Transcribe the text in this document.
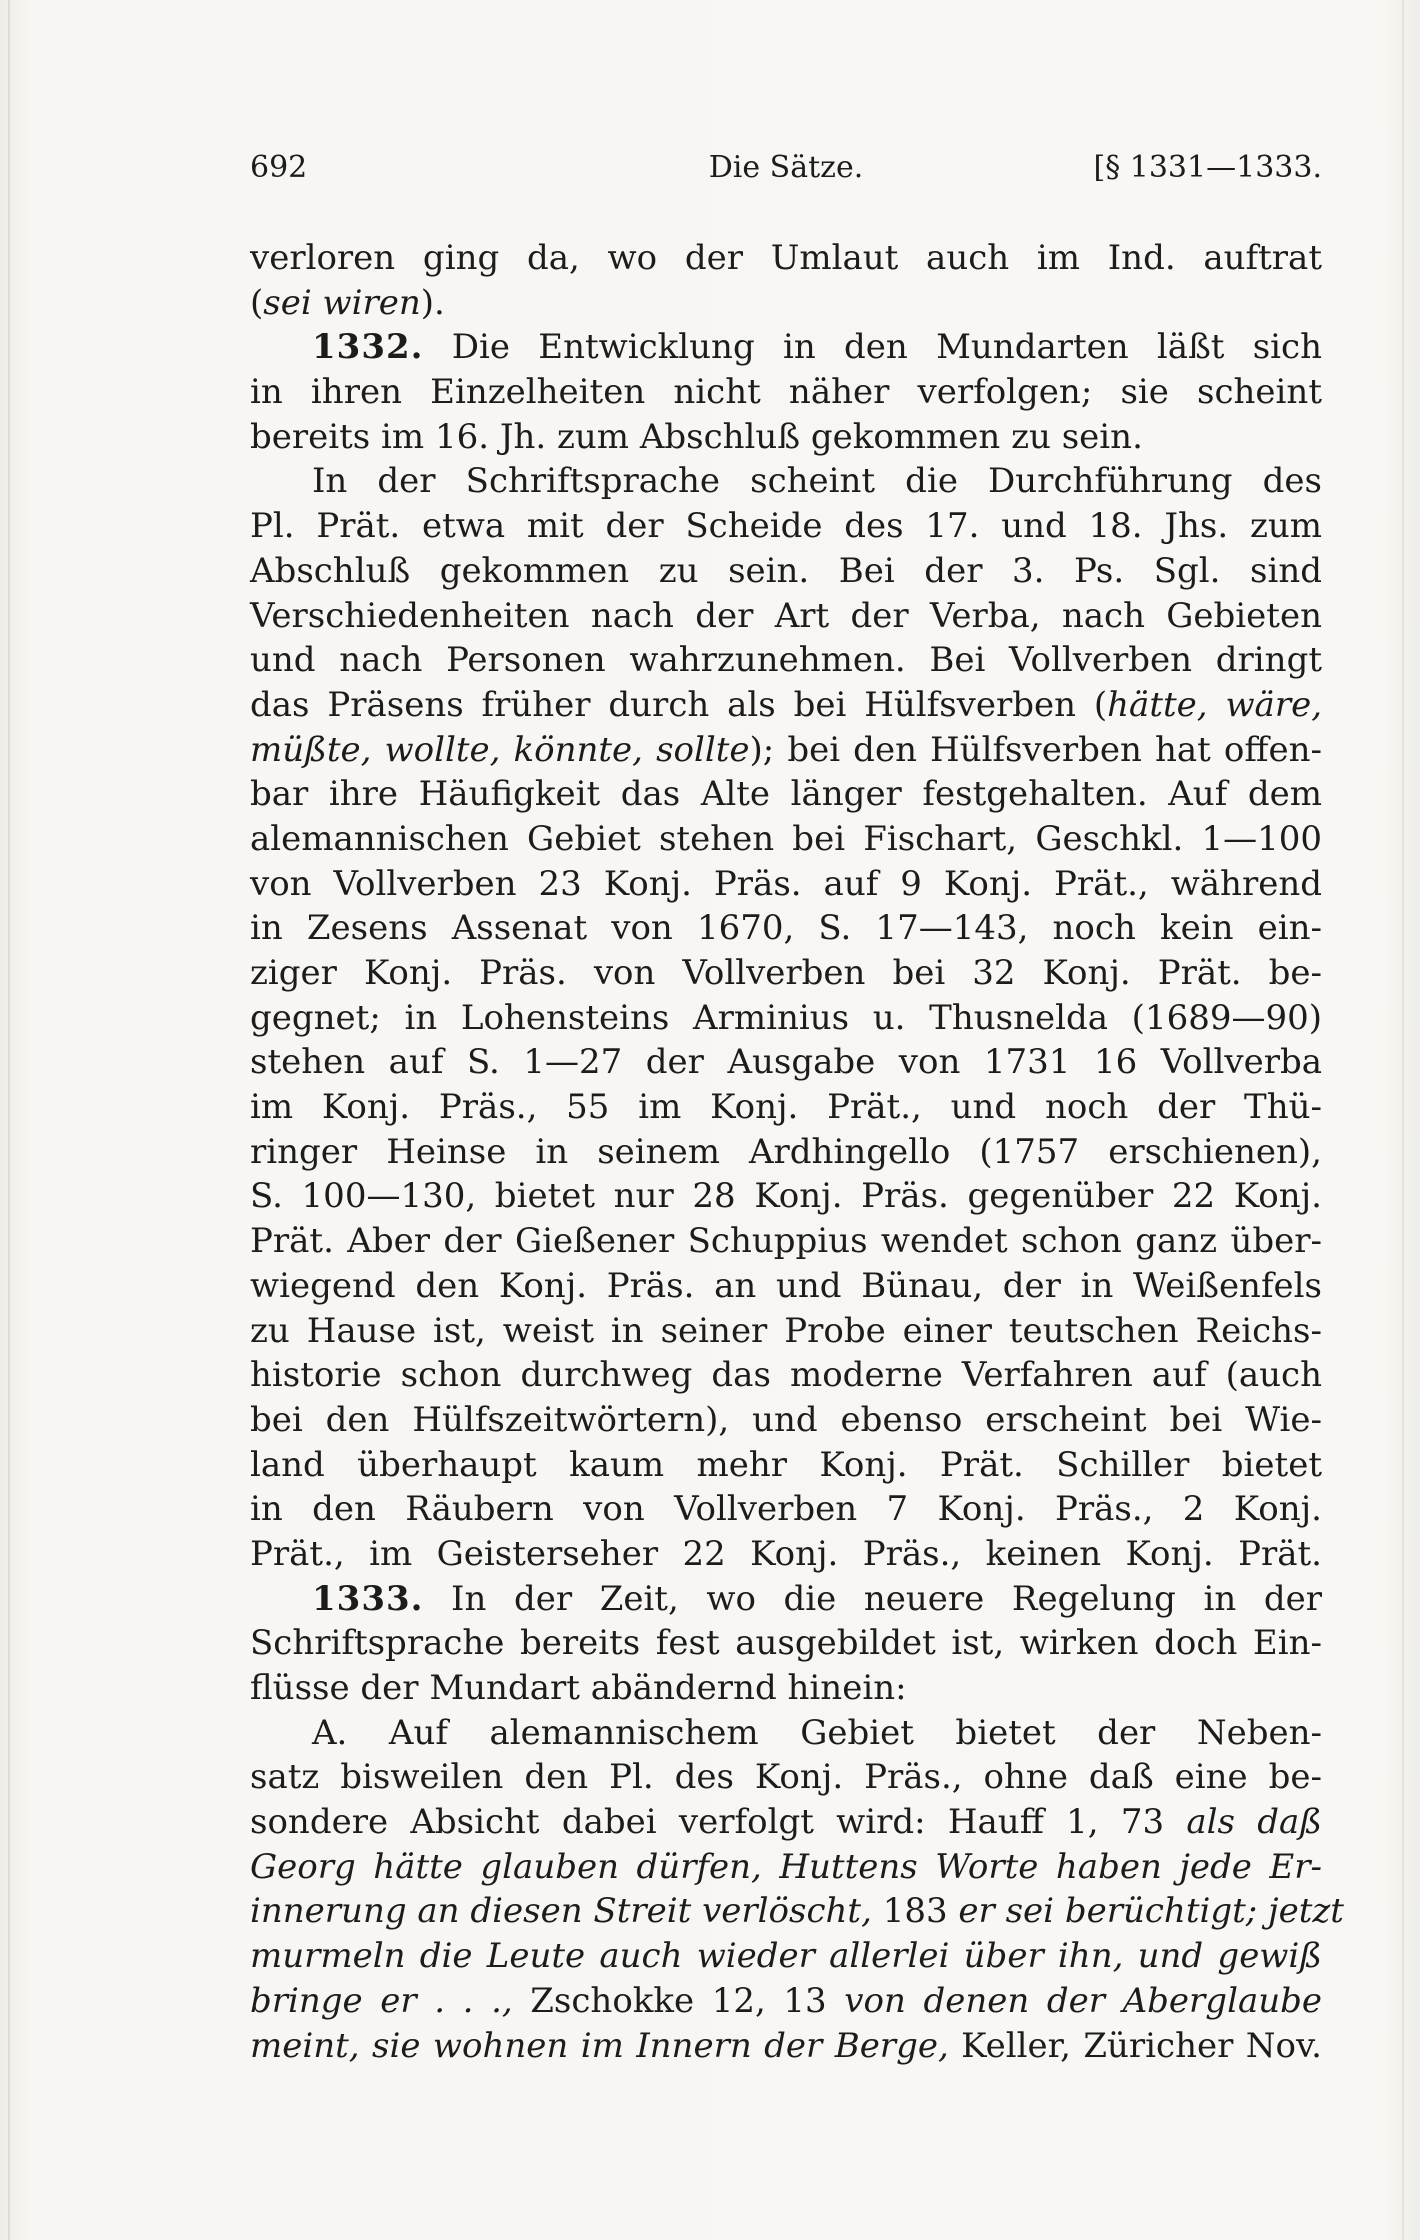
692	Die Sätze.	[§ 1331—1333.
verloren ging da, wo der Umlaut auch im Ind. auftrat
(sei wiren).
1332. Die Entwicklung in den Mundarten läßt sich
in ihren Einzelheiten nicht näher verfolgen; sie scheint
bereits im 16. Jh. zum Abschluß gekommen zu sein.
In der Schriftsprache scheint die Durchführung des
Pl. Prät. etwa mit der Scheide des 17. und 18. Jhs. zum
Abschluß gekommen zu sein. Bei der 3. Ps. Sgl. sind
Verschiedenheiten nach der Art der Verba, nach Gebieten
und nach Personen wahrzunehmen. Bei Vollverben dringt
das Präsens früher durch als bei Hülfsverben (hätte, wäre,
müßte, wollte, könnte, sollte); bei den Hülfsverben hat offen-
bar ihre Häufigkeit das Alte länger festgehalten. Auf dem
alemannischen Gebiet stehen bei Fischart, Geschkl. 1—100
von Vollverben 23 Konj. Präs. auf 9 Konj. Prät., während
in Zesens Assenat von 1670, S. 17—143, noch kein ein-
ziger Konj. Präs. von Vollverben bei 32 Konj. Prät. be-
gegnet; in Lohensteins Arminius u. Thusnelda (1689—90)
stehen auf S. 1—27 der Ausgabe von 1731 16 Vollverba
im Konj. Präs., 55 im Konj. Prät., und noch der Thü-
ringer Heinse in seinem Ardhingello (1757 erschienen),
S. 100—130, bietet nur 28 Konj. Präs. gegenüber 22 Konj.
Prät. Aber der Gießener Schuppius wendet schon ganz über-
wiegend den Konj. Präs. an und Bünau, der in Weißenfels
zu Hause ist, weist in seiner Probe einer teutschen Reichs-
historie schon durchweg das moderne Verfahren auf (auch
bei den Hülfszeitwörtern), und ebenso erscheint bei Wie-
land überhaupt kaum mehr Konj. Prät. Schiller bietet
in den Räubern von Vollverben 7 Konj. Präs., 2 Konj.
Prät., im Geisterseher 22 Konj. Präs., keinen Konj. Prät.
1333. In der Zeit, wo die neuere Regelung in der
Schriftsprache bereits fest ausgebildet ist, wirken doch Ein-
flüsse der Mundart abändernd hinein:
A. Auf alemannischem Gebiet bietet der Neben-
satz bisweilen den Pl. des Konj. Präs., ohne daß eine be-
sondere Absicht dabei verfolgt wird: Hauff 1, 73 als daß
Georg hätte glauben dürfen, Huttens Worte haben jede Er-
innerung an diesen Streit verlöscht, 183 er sei berüchtigt; jetzt
murmeln die Leute auch wieder allerlei über ihn, und gewiß
bringe er . . ., Zschokke 12, 13 von denen der Aberglaube
meint, sie wohnen im Innern der Berge, Keller, Züricher Nov.
